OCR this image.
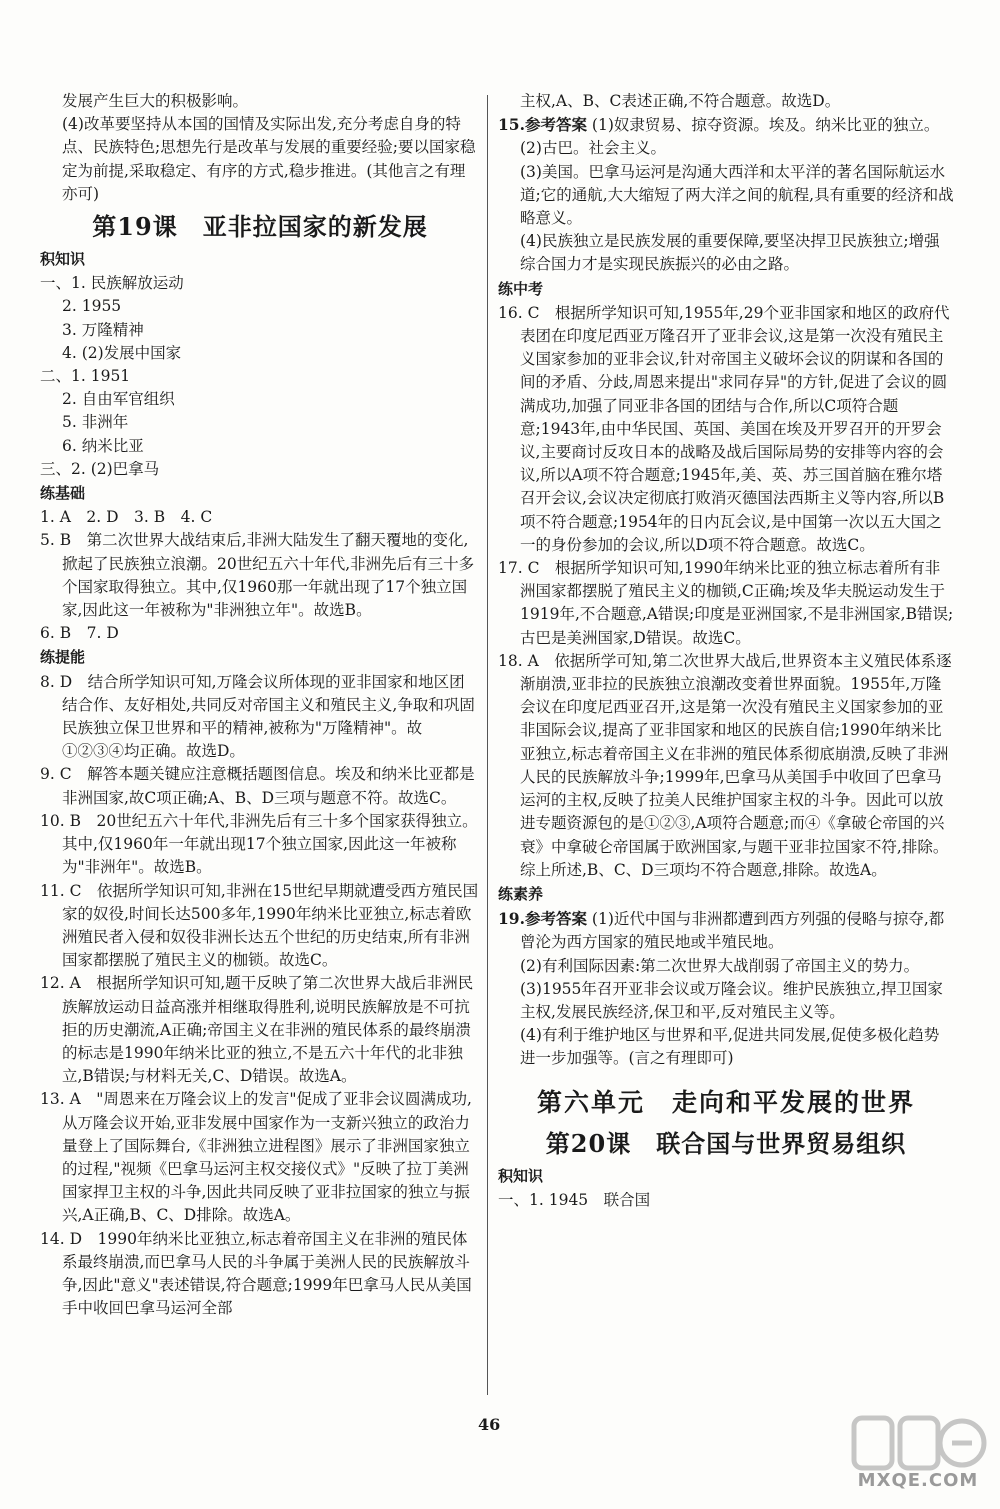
发展产生巨大的积极影响。

(4)改革要坚持从本国的国情及实际出发,充分考虑自身的特点、民族特色;思想先行是改革与发展的重要经验;要以国家稳定为前提,采取稳定、有序的方式,稳步推进。(其他言之有理亦可)

第19课　亚非拉国家的新发展
积知识

一、1. 民族解放运动

2. 1955

3. 万隆精神

4. (2)发展中国家

二、1. 1951

2. 自由军官组织

5. 非洲年

6. 纳米比亚

三、2. (2)巴拿马

练基础

1. A　2. D　3. B　4. C

5. B　第二次世界大战结束后,非洲大陆发生了翻天覆地的变化,掀起了民族独立浪潮。20世纪五六十年代,非洲先后有三十多个国家取得独立。其中,仅1960那一年就出现了17个独立国家,因此这一年被称为"非洲独立年"。故选B。

6. B　7. D

练提能

8. D　结合所学知识可知,万隆会议所体现的亚非国家和地区团结合作、友好相处,共同反对帝国主义和殖民主义,争取和巩固民族独立保卫世界和平的精神,被称为"万隆精神"。故①②③④均正确。故选D。

9. C　解答本题关键应注意概括题图信息。埃及和纳米比亚都是非洲国家,故C项正确;A、B、D三项与题意不符。故选C。

10. B　20世纪五六十年代,非洲先后有三十多个国家获得独立。其中,仅1960年一年就出现17个独立国家,因此这一年被称为"非洲年"。故选B。

11. C　依据所学知识可知,非洲在15世纪早期就遭受西方殖民国家的奴役,时间长达500多年,1990年纳米比亚独立,标志着欧洲殖民者入侵和奴役非洲长达五个世纪的历史结束,所有非洲国家都摆脱了殖民主义的枷锁。故选C。

12. A　根据所学知识可知,题干反映了第二次世界大战后非洲民族解放运动日益高涨并相继取得胜利,说明民族解放是不可抗拒的历史潮流,A正确;帝国主义在非洲的殖民体系的最终崩溃的标志是1990年纳米比亚的独立,不是五六十年代的北非独立,B错误;与材料无关,C、D错误。故选A。

13. A　"周恩来在万隆会议上的发言"促成了亚非会议圆满成功,从万隆会议开始,亚非发展中国家作为一支新兴独立的政治力量登上了国际舞台,《非洲独立进程图》展示了非洲国家独立的过程,"视频《巴拿马运河主权交接仪式》"反映了拉丁美洲国家捍卫主权的斗争,因此共同反映了亚非拉国家的独立与振兴,A正确,B、C、D排除。故选A。

14. D　1990年纳米比亚独立,标志着帝国主义在非洲的殖民体系最终崩溃,而巴拿马人民的斗争属于美洲人民的民族解放斗争,因此"意义"表述错误,符合题意;1999年巴拿马人民从美国手中收回巴拿马运河全部

主权,A、B、C表述正确,不符合题意。故选D。

15.参考答案 (1)奴隶贸易、掠夺资源。埃及。纳米比亚的独立。

(2)古巴。社会主义。

(3)美国。巴拿马运河是沟通大西洋和太平洋的著名国际航运水道;它的通航,大大缩短了两大洋之间的航程,具有重要的经济和战略意义。

(4)民族独立是民族发展的重要保障,要坚决捍卫民族独立;增强综合国力才是实现民族振兴的必由之路。

练中考

16. C　根据所学知识可知,1955年,29个亚非国家和地区的政府代表团在印度尼西亚万隆召开了亚非会议,这是第一次没有殖民主义国家参加的亚非会议,针对帝国主义破坏会议的阴谋和各国的间的矛盾、分歧,周恩来提出"求同存异"的方针,促进了会议的圆满成功,加强了同亚非各国的团结与合作,所以C项符合题意;1943年,由中华民国、英国、美国在埃及开罗召开的开罗会议,主要商讨反攻日本的战略及战后国际局势的安排等内容的会议,所以A项不符合题意;1945年,美、英、苏三国首脑在雅尔塔召开会议,会议决定彻底打败消灭德国法西斯主义等内容,所以B项不符合题意;1954年的日内瓦会议,是中国第一次以五大国之一的身份参加的会议,所以D项不符合题意。故选C。

17. C　根据所学知识可知,1990年纳米比亚的独立标志着所有非洲国家都摆脱了殖民主义的枷锁,C正确;埃及华夫脱运动发生于1919年,不合题意,A错误;印度是亚洲国家,不是非洲国家,B错误;古巴是美洲国家,D错误。故选C。

18. A　依据所学可知,第二次世界大战后,世界资本主义殖民体系逐渐崩溃,亚非拉的民族独立浪潮改变着世界面貌。1955年,万隆会议在印度尼西亚召开,这是第一次没有殖民主义国家参加的亚非国际会议,提高了亚非国家和地区的民族自信;1990年纳米比亚独立,标志着帝国主义在非洲的殖民体系彻底崩溃,反映了非洲人民的民族解放斗争;1999年,巴拿马从美国手中收回了巴拿马运河的主权,反映了拉美人民维护国家主权的斗争。因此可以放进专题资源包的是①②③,A项符合题意;而④《拿破仑帝国的兴衰》中拿破仑帝国属于欧洲国家,与题干亚非拉国家不符,排除。综上所述,B、C、D三项均不符合题意,排除。故选A。

练素养

19.参考答案 (1)近代中国与非洲都遭到西方列强的侵略与掠夺,都曾沦为西方国家的殖民地或半殖民地。

(2)有利国际因素:第二次世界大战削弱了帝国主义的势力。

(3)1955年召开亚非会议或万隆会议。维护民族独立,捍卫国家主权,发展民族经济,保卫和平,反对殖民主义等。

(4)有利于维护地区与世界和平,促进共同发展,促使多极化趋势进一步加强等。(言之有理即可)

第六单元　走向和平发展的世界
第20课　联合国与世界贸易组织
积知识

一、1. 1945　联合国

46
MXQE.COM
